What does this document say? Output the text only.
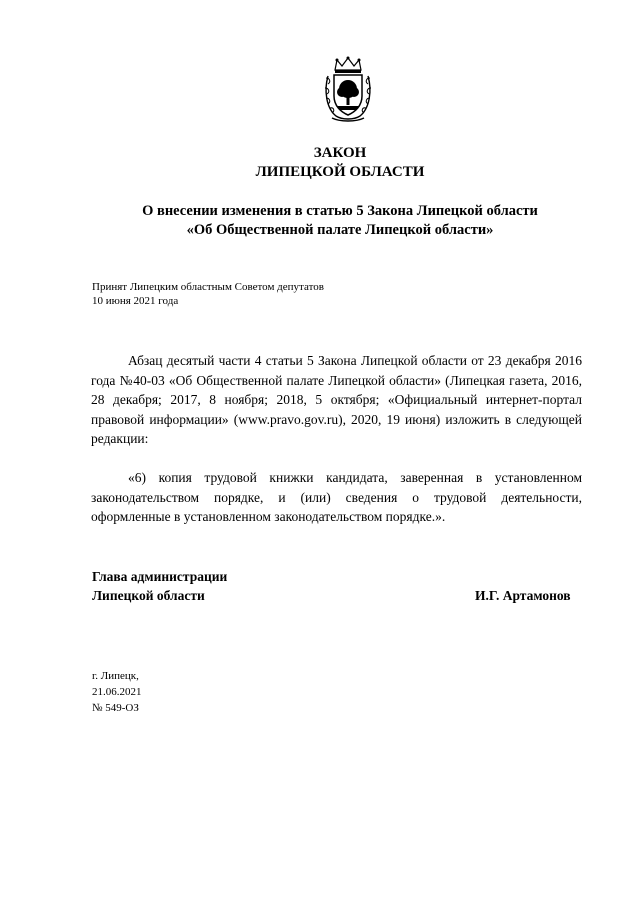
ЗАКОН
ЛИПЕЦКОЙ ОБЛАСТИ
О внесении изменения в статью 5 Закона Липецкой области
«Об Общественной палате Липецкой области»
Принят Липецким областным Советом депутатов
10 июня 2021 года

Абзац десятый части 4 статьи 5 Закона Липецкой области от 23 декабря 2016 года №40-03 «Об Общественной палате Липецкой области» (Липецкая газета, 2016, 28 декабря; 2017, 8 ноября; 2018, 5 октября; «Официальный интернет-портал правовой информации» (www.pravo.gov.ru), 2020, 19 июня) изложить в следующей редакции:

«6) копия трудовой книжки кандидата, заверенная в установленном законодательством порядке, и (или) сведения о трудовой деятельности, оформленные в установленном законодательством порядке.».

Глава администрации
Липецкой области	И.Г. Артамонов
г. Липецк,
21.06.2021
№ 549-ОЗ
